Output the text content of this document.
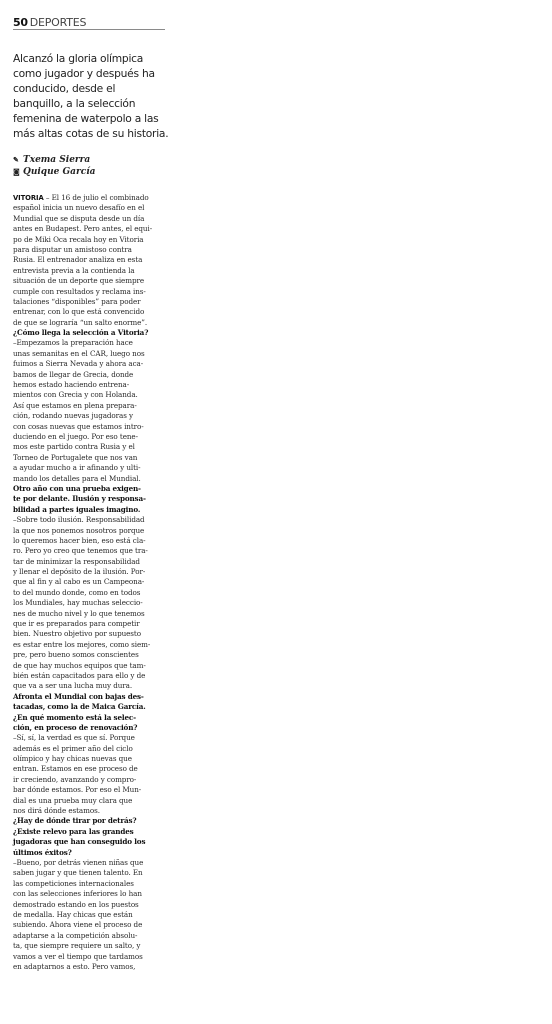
50 DEPORTES
Alcanzó la gloria olímpica
como jugador y después ha
conducido, desde el
banquillo, a la selección
femenina de waterpolo a las
más altas cotas de su historia.
✎ Txema Sierra
◙ Quique García
VITORIA – El 16 de julio el combinado
español inicia un nuevo desafío en el
Mundial que se disputa desde un día
antes en Budapest. Pero antes, el equi-
po de Miki Oca recala hoy en Vitoria
para disputar un amistoso contra
Rusia. El entrenador analiza en esta
entrevista previa a la contienda la
situación de un deporte que siempre
cumple con resultados y reclama ins-
talaciones “disponibles” para poder
entrenar, con lo que está convencido
de que se lograría “un salto enorme”.
¿Cómo llega la selección a Vitoria?
–Empezamos la preparación hace
unas semanitas en el CAR, luego nos
fuimos a Sierra Nevada y ahora aca-
bamos de llegar de Grecia, donde
hemos estado haciendo entrena-
mientos con Grecia y con Holanda.
Así que estamos en plena prepara-
ción, rodando nuevas jugadoras y
con cosas nuevas que estamos intro-
duciendo en el juego. Por eso tene-
mos este partido contra Rusia y el
Torneo de Portugalete que nos van
a ayudar mucho a ir afinando y ulti-
mando los detalles para el Mundial.
Otro año con una prueba exigen-
te por delante. Ilusión y responsa-
bilidad a partes iguales imagino.
–Sobre todo ilusión. Responsabilidad
la que nos ponemos nosotros porque
lo queremos hacer bien, eso está cla-
ro. Pero yo creo que tenemos que tra-
tar de minimizar la responsabilidad
y llenar el depósito de la ilusión. Por-
que al fin y al cabo es un Campeona-
to del mundo donde, como en todos
los Mundiales, hay muchas seleccio-
nes de mucho nivel y lo que tenemos
que ir es preparados para competir
bien. Nuestro objetivo por supuesto
es estar entre los mejores, como siem-
pre, pero bueno somos conscientes
de que hay muchos equipos que tam-
bién están capacitados para ello y de
que va a ser una lucha muy dura.
Afronta el Mundial con bajas des-
tacadas, como la de Maica García.
¿En qué momento está la selec-
ción, en proceso de renovación?
–Sí, sí, la verdad es que sí. Porque
además es el primer año del ciclo
olímpico y hay chicas nuevas que
entran. Estamos en ese proceso de
ir creciendo, avanzando y compro-
bar dónde estamos. Por eso el Mun-
dial es una prueba muy clara que
nos dirá dónde estamos.
¿Hay de dónde tirar por detrás?
¿Existe relevo para las grandes
jugadoras que han conseguido los
últimos éxitos?
–Bueno, por detrás vienen niñas que
saben jugar y que tienen talento. En
las competiciones internacionales
con las selecciones inferiores lo han
demostrado estando en los puestos
de medalla. Hay chicas que están
subiendo. Ahora viene el proceso de
adaptarse a la competición absolu-
ta, que siempre requiere un salto, y
vamos a ver el tiempo que tardamos
en adaptarnos a esto. Pero vamos,
